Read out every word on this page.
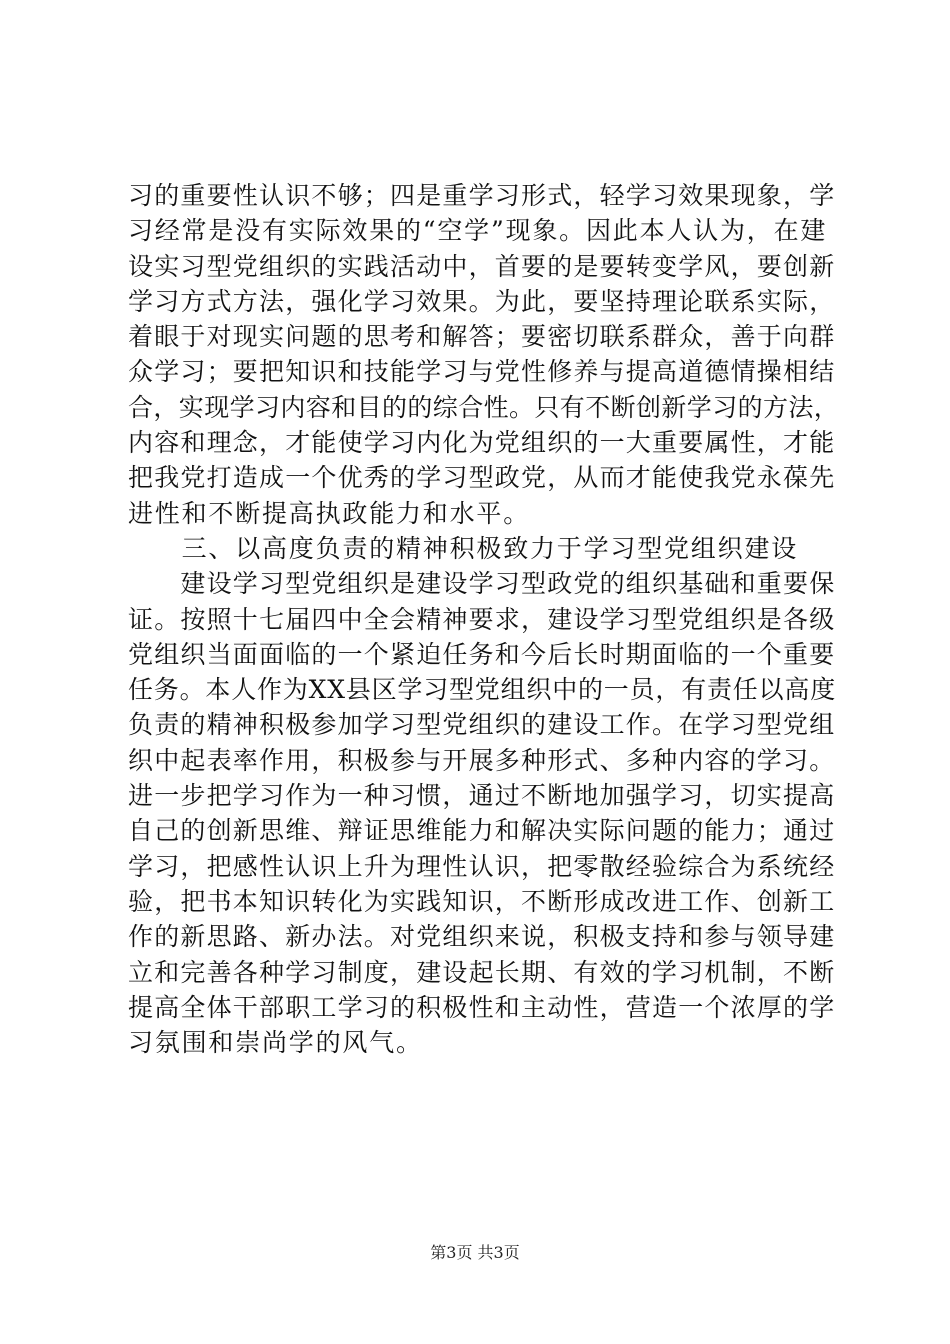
习的重要性认识不够；四是重学习形式，轻学习效果现象，学
习经常是没有实际效果的“空学”现象。因此本人认为，在建
设实习型党组织的实践活动中，首要的是要转变学风，要创新
学习方式方法，强化学习效果。为此，要坚持理论联系实际，
着眼于对现实问题的思考和解答；要密切联系群众，善于向群
众学习；要把知识和技能学习与党性修养与提高道德情操相结
合，实现学习内容和目的的综合性。只有不断创新学习的方法，
内容和理念，才能使学习内化为党组织的一大重要属性，才能
把我党打造成一个优秀的学习型政党，从而才能使我党永葆先
进性和不断提高执政能力和水平。
　　三、以高度负责的精神积极致力于学习型党组织建设
　　建设学习型党组织是建设学习型政党的组织基础和重要保
证。按照十七届四中全会精神要求，建设学习型党组织是各级
党组织当面面临的一个紧迫任务和今后长时期面临的一个重要
任务。本人作为XX县区学习型党组织中的一员，有责任以高度
负责的精神积极参加学习型党组织的建设工作。在学习型党组
织中起表率作用，积极参与开展多种形式、多种内容的学习。
进一步把学习作为一种习惯，通过不断地加强学习，切实提高
自己的创新思维、辩证思维能力和解决实际问题的能力；通过
学习，把感性认识上升为理性认识，把零散经验综合为系统经
验，把书本知识转化为实践知识，不断形成改进工作、创新工
作的新思路、新办法。对党组织来说，积极支持和参与领导建
立和完善各种学习制度，建设起长期、有效的学习机制，不断
提高全体干部职工学习的积极性和主动性，营造一个浓厚的学
习氛围和崇尚学的风气。
第3页 共3页
